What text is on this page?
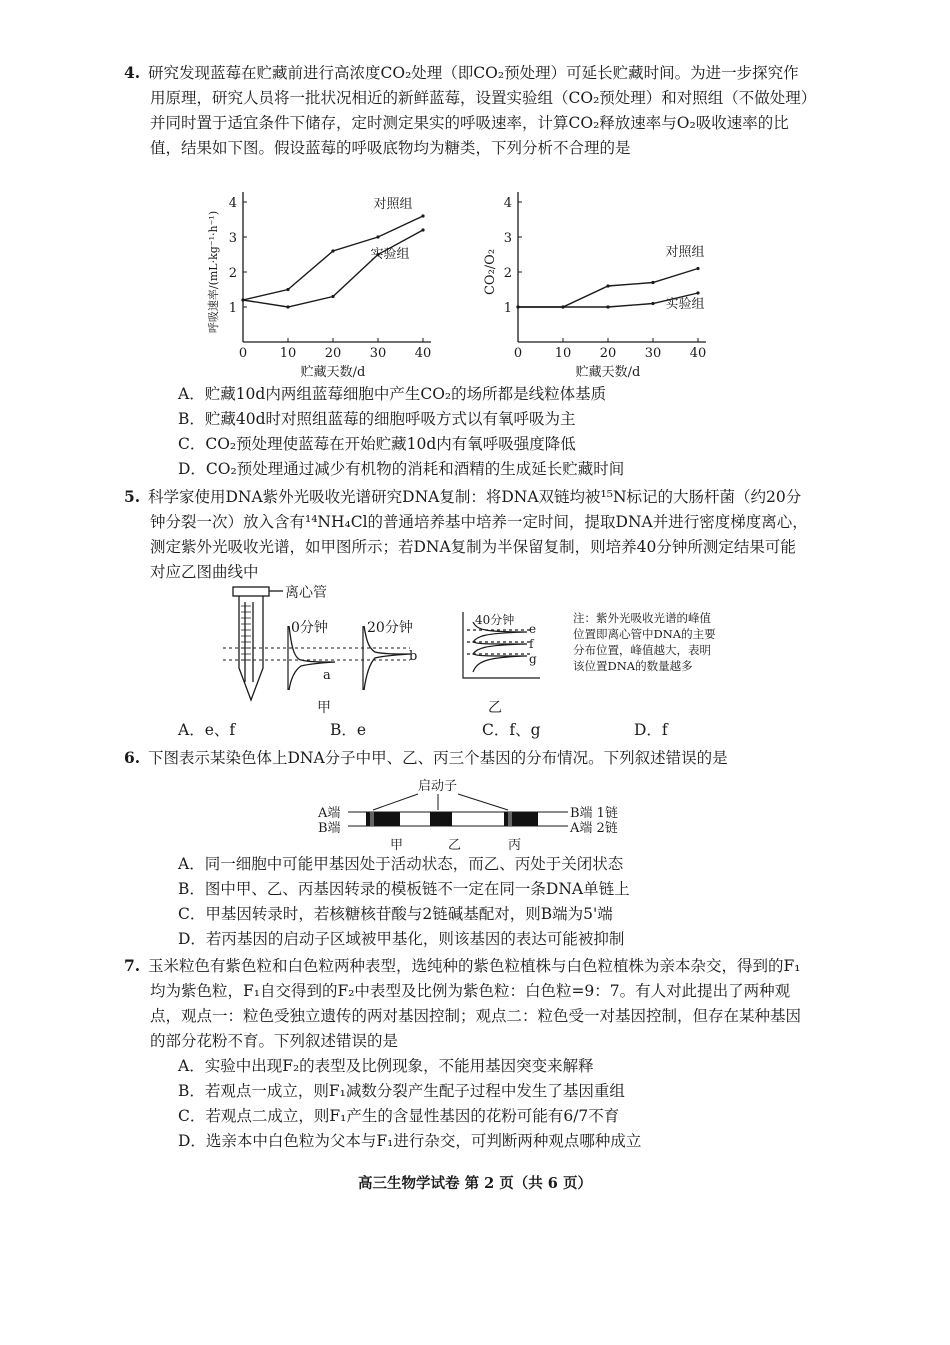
4. 研究发现蓝莓在贮藏前进行高浓度CO₂处理（即CO₂预处理）可延长贮藏时间。为进一步探究作用原理，研究人员将一批状况相近的新鲜蓝莓，设置实验组（CO₂预处理）和对照组（不做处理）并同时置于适宜条件下储存，定时测定果实的呼吸速率，计算CO₂释放速率与O₂吸收速率的比值，结果如下图。假设蓝莓的呼吸底物均为糖类，下列分析不合理的是

0	10 20 30 40
1
2
3
4
贮藏天数/d
呼吸速率/(mL·kg⁻¹·h⁻¹)
对照组
实验组
0	10 20 30 40
1
2
3
4
贮藏天数/d
CO₂/O₂	对照组
实验组

A．贮藏10d内两组蓝莓细胞中产生CO₂的场所都是线粒体基质

B．贮藏40d时对照组蓝莓的细胞呼吸方式以有氧呼吸为主

C．CO₂预处理使蓝莓在开始贮藏10d内有氧呼吸强度降低

D．CO₂预处理通过减少有机物的消耗和酒精的生成延长贮藏时间

5. 科学家使用DNA紫外光吸收光谱研究DNA复制：将DNA双链均被¹⁵N标记的大肠杆菌（约20分钟分裂一次）放入含有¹⁴NH₄Cl的普通培养基中培养一定时间，提取DNA并进行密度梯度离心，测定紫外光吸收光谱，如甲图所示；若DNA复制为半保留复制，则培养40分钟所测定结果可能对应乙图曲线中

离心管
0分钟
a
20分钟
b
甲
40分钟
e
f
g
乙
注：紫外光吸收光谱的峰值
位置即离心管中DNA的主要
分布位置，峰值越大，表明
该位置DNA的数量越多
A．e、f	B．e	C．f、g	D．f

6. 下图表示某染色体上DNA分子中甲、乙、丙三个基因的分布情况。下列叙述错误的是

启动子
A端
B端
B端 1链
A端 2链
甲	乙	丙

A．同一细胞中可能甲基因处于活动状态，而乙、丙处于关闭状态

B．图中甲、乙、丙基因转录的模板链不一定在同一条DNA单链上

C．甲基因转录时，若核糖核苷酸与2链碱基配对，则B端为5'端

D．若丙基因的启动子区域被甲基化，则该基因的表达可能被抑制

7. 玉米粒色有紫色粒和白色粒两种表型，选纯种的紫色粒植株与白色粒植株为亲本杂交，得到的F₁均为紫色粒，F₁自交得到的F₂中表型及比例为紫色粒：白色粒=9：7。有人对此提出了两种观点，观点一：粒色受独立遗传的两对基因控制；观点二：粒色受一对基因控制，但存在某种基因的部分花粉不育。下列叙述错误的是

A．实验中出现F₂的表型及比例现象，不能用基因突变来解释

B．若观点一成立，则F₁减数分裂产生配子过程中发生了基因重组

C．若观点二成立，则F₁产生的含显性基因的花粉可能有6/7不育

D．选亲本中白色粒为父本与F₁进行杂交，可判断两种观点哪种成立

高三生物学试卷 第 2 页（共 6 页）
